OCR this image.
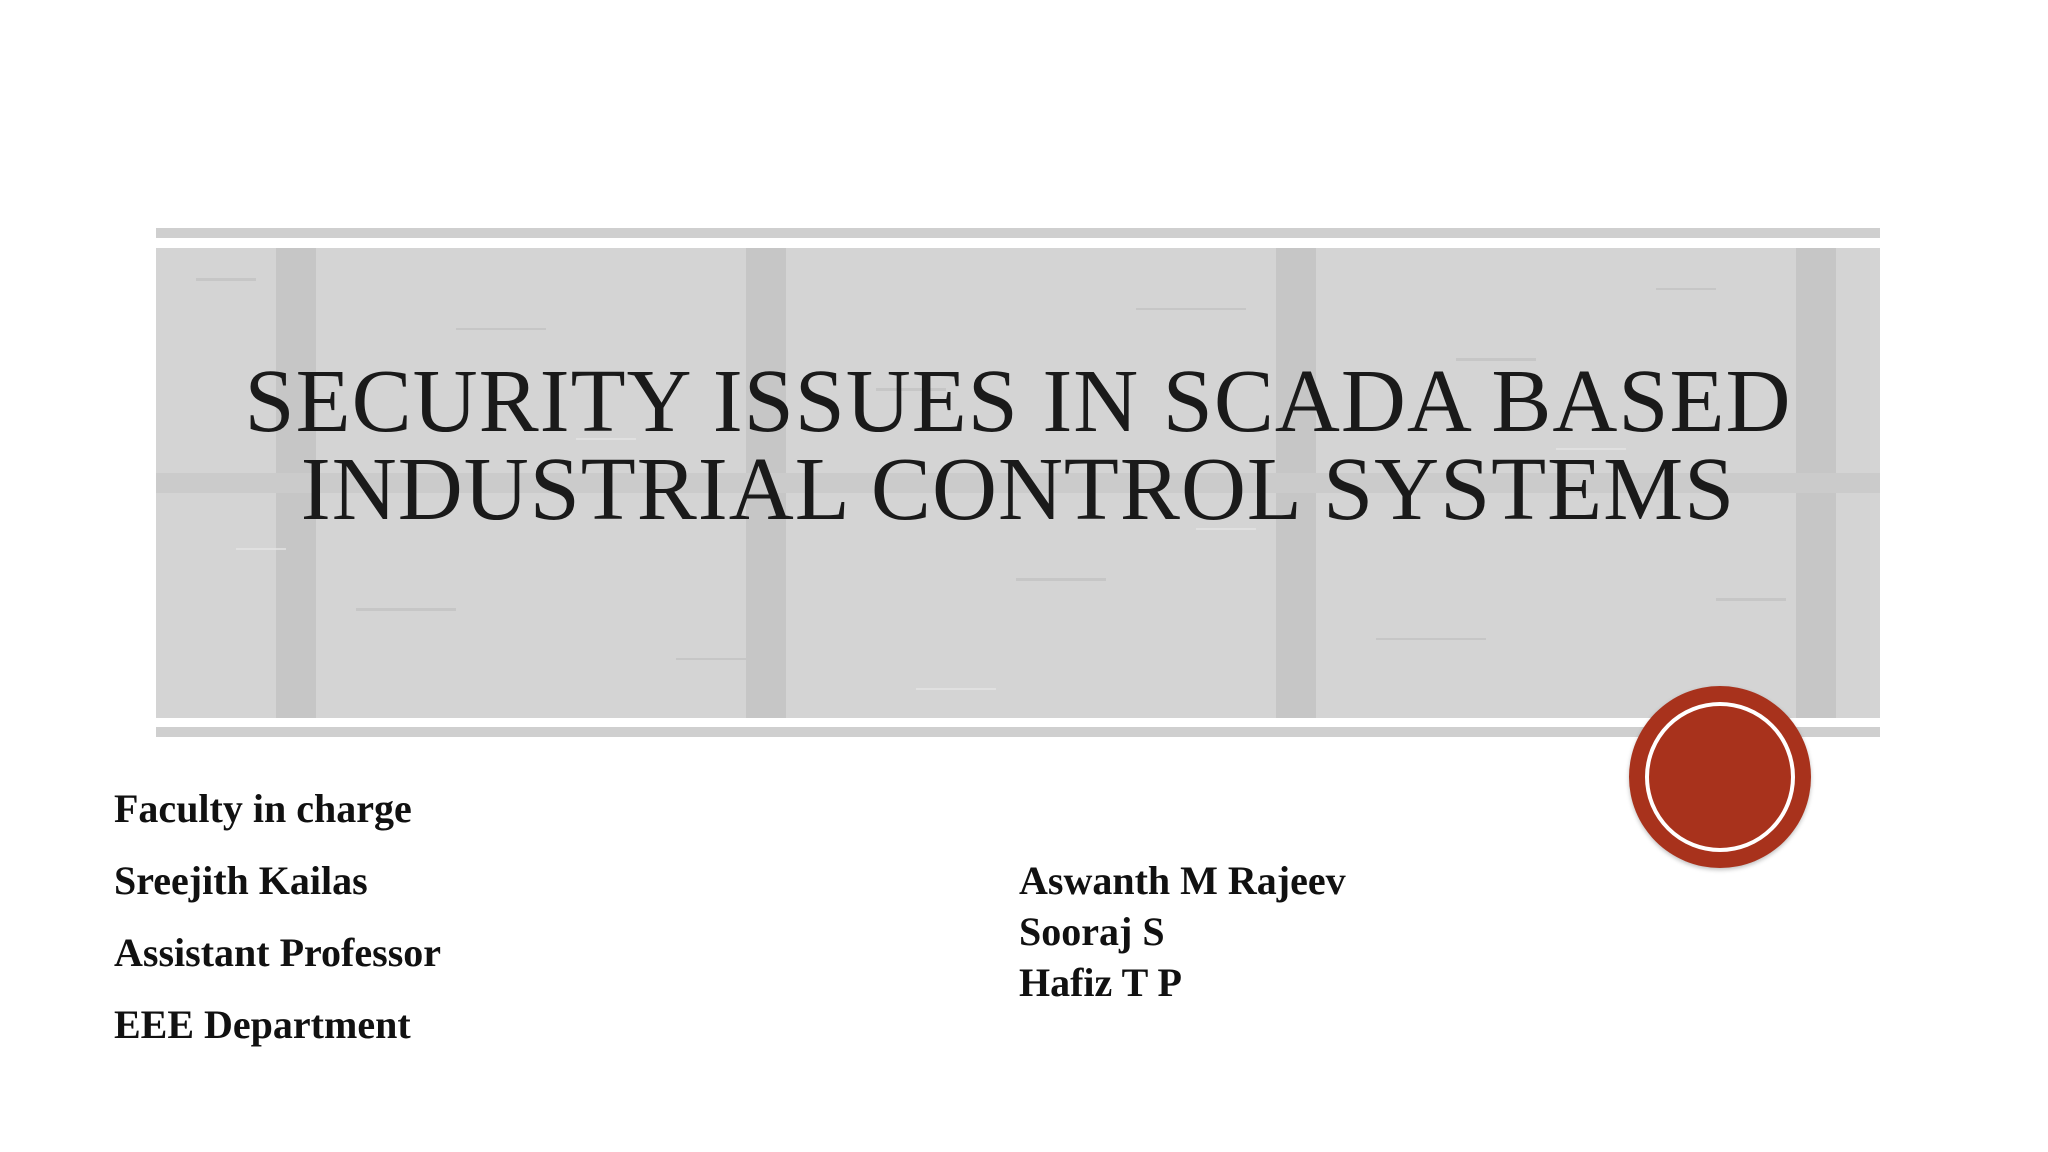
SECURITY ISSUES IN SCADA BASED
INDUSTRIAL CONTROL SYSTEMS
Faculty in charge
Sreejith Kailas
Assistant Professor
EEE Department
Aswanth M Rajeev
Sooraj S
Hafiz T P
